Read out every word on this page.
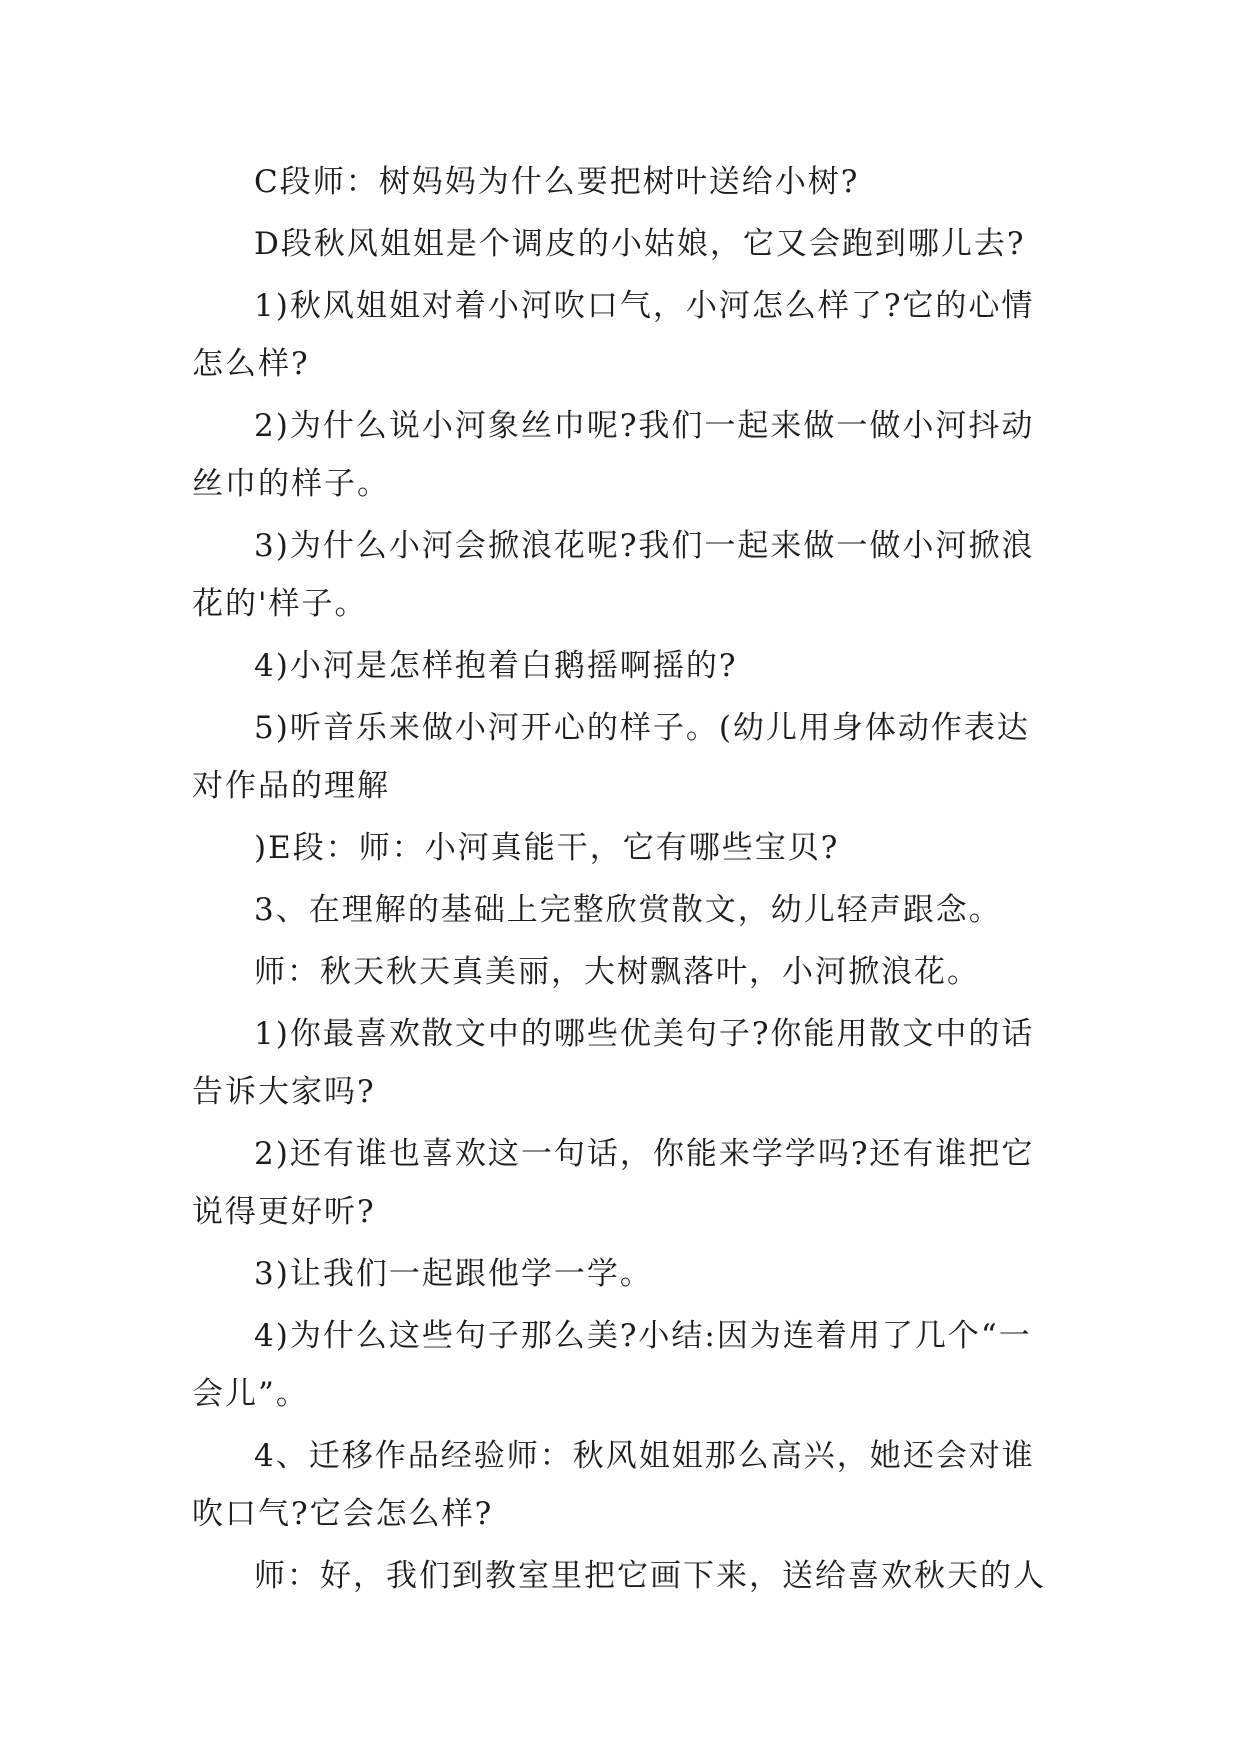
C段师：树妈妈为什么要把树叶送给小树?

D段秋风姐姐是个调皮的小姑娘，它又会跑到哪儿去?

1)秋风姐姐对着小河吹口气，小河怎么样了?它的心情怎么样?

2)为什么说小河象丝巾呢?我们一起来做一做小河抖动丝巾的样子。

3)为什么小河会掀浪花呢?我们一起来做一做小河掀浪花的'样子。

4)小河是怎样抱着白鹅摇啊摇的?

5)听音乐来做小河开心的样子。(幼儿用身体动作表达对作品的理解

)E段：师：小河真能干，它有哪些宝贝?

3、在理解的基础上完整欣赏散文，幼儿轻声跟念。

师：秋天秋天真美丽，大树飘落叶，小河掀浪花。

1)你最喜欢散文中的哪些优美句子?你能用散文中的话告诉大家吗?

2)还有谁也喜欢这一句话，你能来学学吗?还有谁把它说得更好听?

3)让我们一起跟他学一学。

4)为什么这些句子那么美?小结:因为连着用了几个“一会儿”。

4、迁移作品经验师：秋风姐姐那么高兴，她还会对谁吹口气?它会怎么样?

师：好，我们到教室里把它画下来，送给喜欢秋天的人
